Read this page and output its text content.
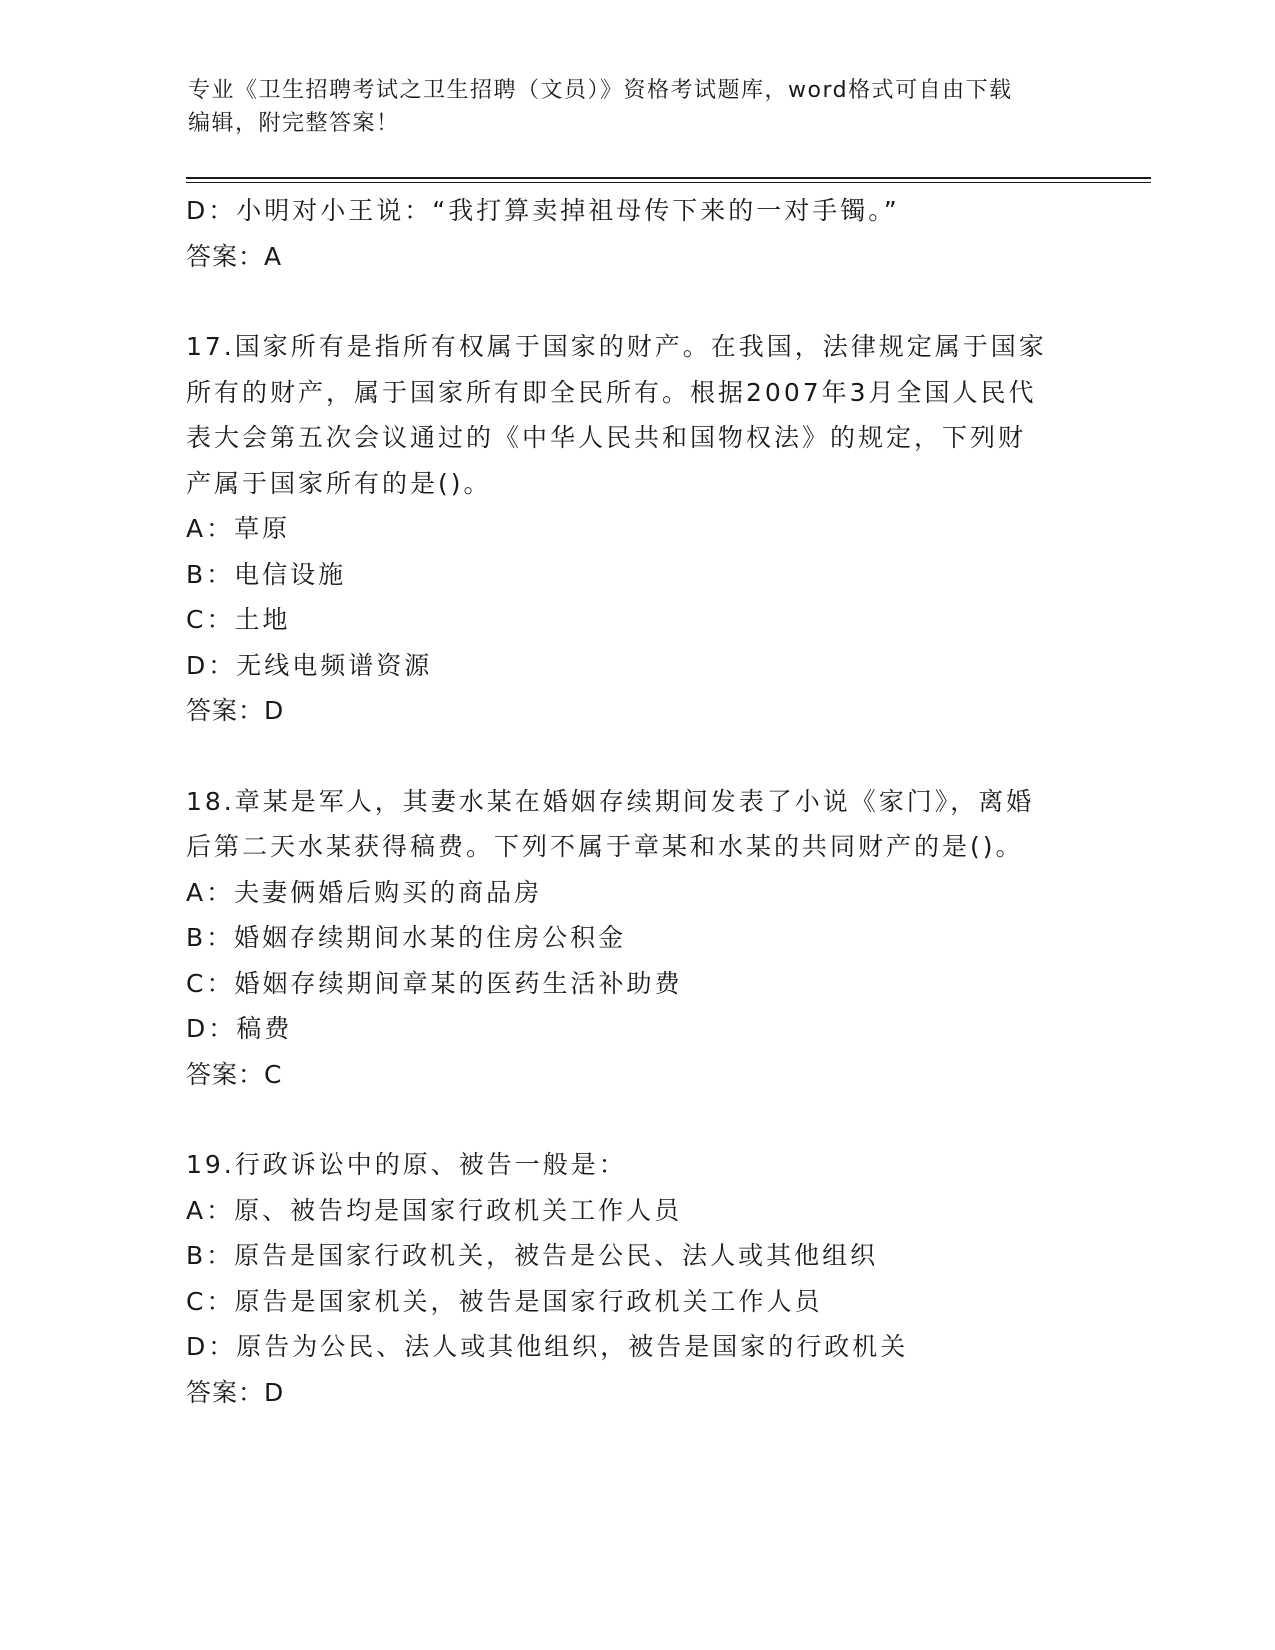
专业《卫生招聘考试之卫生招聘（文员）》资格考试题库，word格式可自由下载
编辑，附完整答案！
D：小明对小王说：“我打算卖掉祖母传下来的一对手镯。”
答案：A
17.国家所有是指所有权属于国家的财产。在我国，法律规定属于国家
所有的财产，属于国家所有即全民所有。根据2007年3月全国人民代
表大会第五次会议通过的《中华人民共和国物权法》的规定，下列财
产属于国家所有的是()。
A：草原
B：电信设施
C：土地
D：无线电频谱资源
答案：D
18.章某是军人，其妻水某在婚姻存续期间发表了小说《家门》，离婚
后第二天水某获得稿费。下列不属于章某和水某的共同财产的是()。
A：夫妻俩婚后购买的商品房
B：婚姻存续期间水某的住房公积金
C：婚姻存续期间章某的医药生活补助费
D：稿费
答案：C
19.行政诉讼中的原、被告一般是：
A：原、被告均是国家行政机关工作人员
B：原告是国家行政机关，被告是公民、法人或其他组织
C：原告是国家机关，被告是国家行政机关工作人员
D：原告为公民、法人或其他组织，被告是国家的行政机关
答案：D
